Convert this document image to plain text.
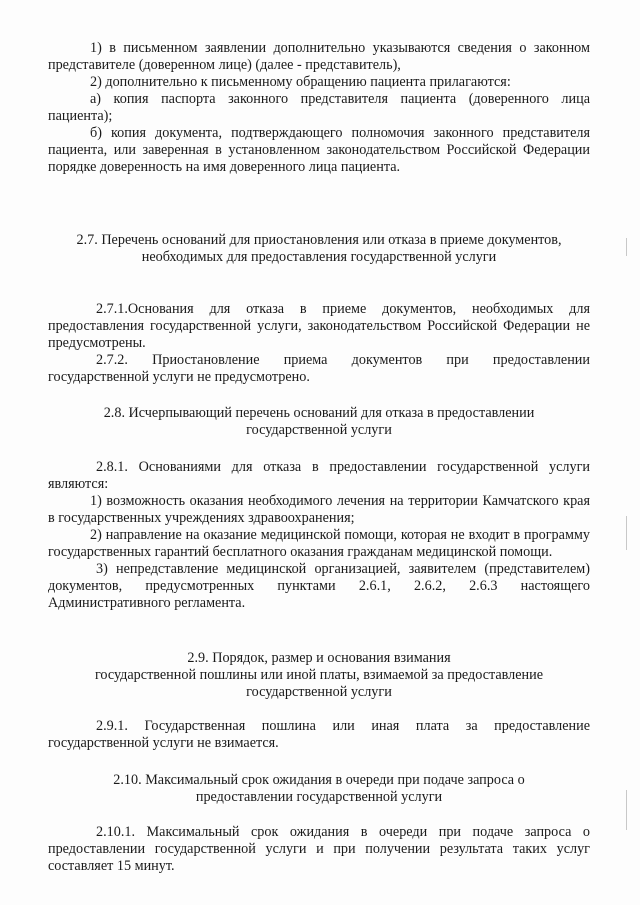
1) в письменном заявлении дополнительно указываются сведения о законном представителе (доверенном лице) (далее - представитель),

2) дополнительно к письменному обращению пациента прилагаются:

а) копия паспорта законного представителя пациента (доверенного лица пациента);

б) копия документа, подтверждающего полномочия законного представителя пациента, или заверенная в установленном законодательством Российской Федерации порядке доверенность на имя доверенного лица пациента.

2.7. Перечень оснований для приостановления или отказа в приеме документов,

необходимых для предоставления государственной услуги

2.7.1.Основания для отказа в приеме документов, необходимых для предоставления государственной услуги, законодательством Российской Федерации не предусмотрены.

2.7.2. Приостановление приема документов при предоставлении государственной услуги не предусмотрено.

2.8. Исчерпывающий перечень оснований для отказа в предоставлении

государственной услуги

2.8.1. Основаниями для отказа в предоставлении государственной услуги являются:

1) возможность оказания необходимого лечения на территории Камчатского края в государственных учреждениях здравоохранения;

2) направление на оказание медицинской помощи, которая не входит в программу государственных гарантий бесплатного оказания гражданам медицинской помощи.

3) непредставление медицинской организацией, заявителем (представителем) документов, предусмотренных пунктами 2.6.1, 2.6.2, 2.6.3 настоящего Административного регламента.

2.9. Порядок, размер и основания взимания

государственной пошлины или иной платы, взимаемой за предоставление

государственной услуги

2.9.1. Государственная пошлина или иная плата за предоставление государственной услуги не взимается.

2.10. Максимальный срок ожидания в очереди при подаче запроса о

предоставлении государственной услуги

2.10.1. Максимальный срок ожидания в очереди при подаче запроса о предоставлении государственной услуги и при получении результата таких услуг составляет 15 минут.
